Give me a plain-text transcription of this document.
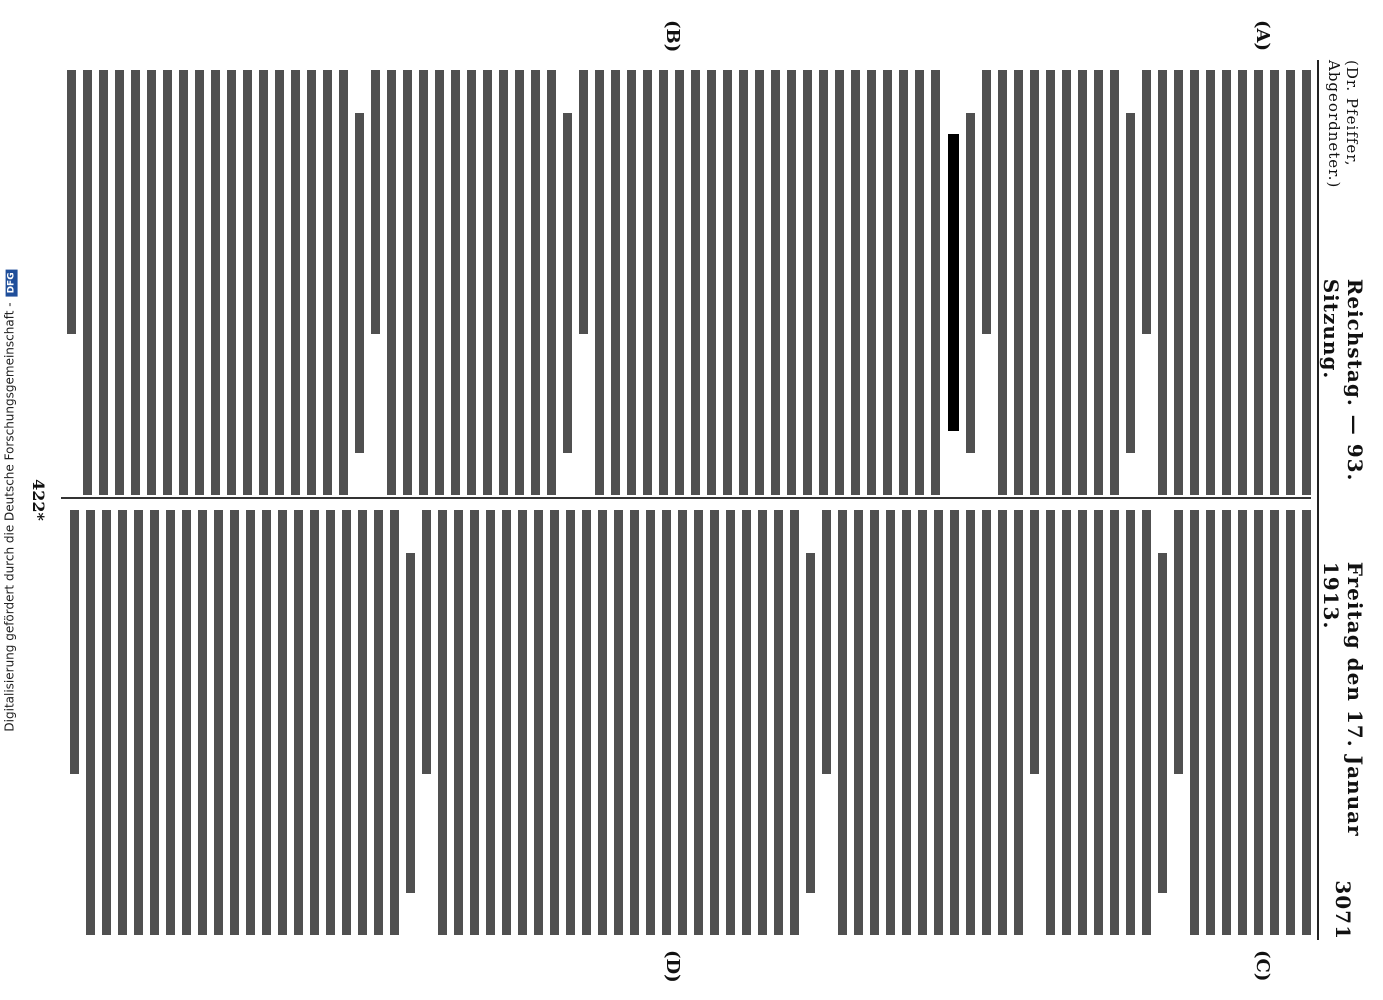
Digitalisierung gefördert durch die Deutsche Forschungsgemeinschaft -DFG
(Dr. Pfeiffer, Abgeordneter.)
Reichstag. — 93. Sitzung.
Freitag den 17. Januar 1913.
3071
(A)
(B)
(C)
(D)
422*
